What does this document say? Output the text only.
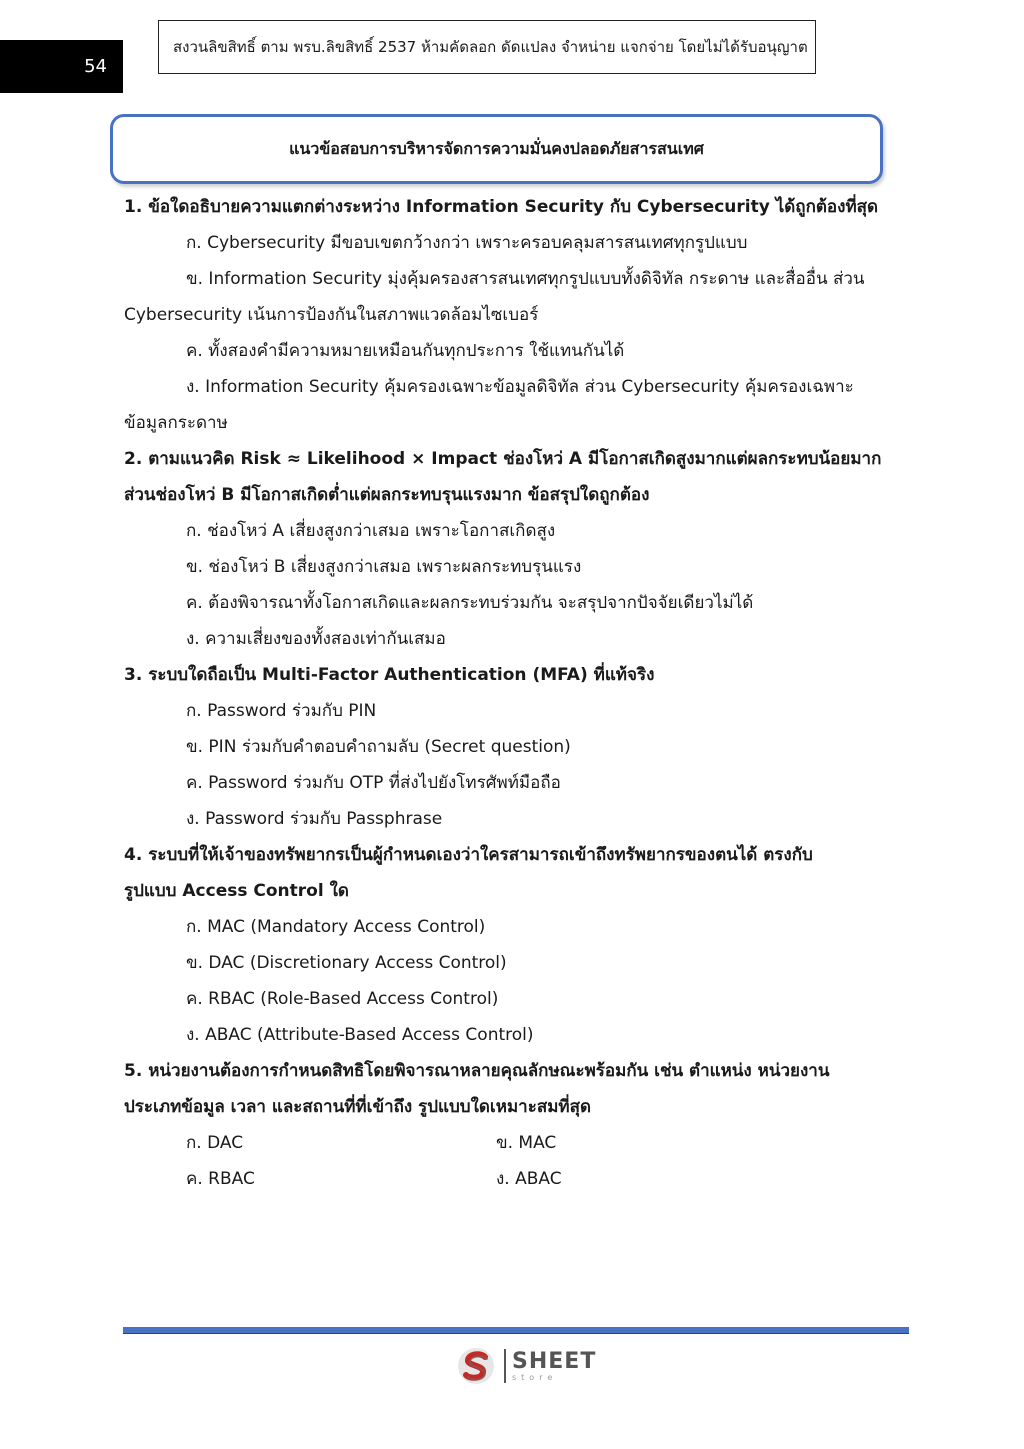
54
สงวนลิขสิทธิ์ ตาม พรบ.ลิขสิทธิ์ 2537 ห้ามคัดลอก ดัดแปลง จำหน่าย แจกจ่าย โดยไม่ได้รับอนุญาต
แนวข้อสอบการบริหารจัดการความมั่นคงปลอดภัยสารสนเทศ
1. ข้อใดอธิบายความแตกต่างระหว่าง Information Security กับ Cybersecurity ได้ถูกต้องที่สุด
ก. Cybersecurity มีขอบเขตกว้างกว่า เพราะครอบคลุมสารสนเทศทุกรูปแบบ
ข. Information Security มุ่งคุ้มครองสารสนเทศทุกรูปแบบทั้งดิจิทัล กระดาษ และสื่ออื่น ส่วน
Cybersecurity เน้นการป้องกันในสภาพแวดล้อมไซเบอร์
ค. ทั้งสองคำมีความหมายเหมือนกันทุกประการ ใช้แทนกันได้
ง. Information Security คุ้มครองเฉพาะข้อมูลดิจิทัล ส่วน Cybersecurity คุ้มครองเฉพาะ
ข้อมูลกระดาษ
2. ตามแนวคิด Risk ≈ Likelihood × Impact ช่องโหว่ A มีโอกาสเกิดสูงมากแต่ผลกระทบน้อยมาก
ส่วนช่องโหว่ B มีโอกาสเกิดต่ำแต่ผลกระทบรุนแรงมาก ข้อสรุปใดถูกต้อง
ก. ช่องโหว่ A เสี่ยงสูงกว่าเสมอ เพราะโอกาสเกิดสูง
ข. ช่องโหว่ B เสี่ยงสูงกว่าเสมอ เพราะผลกระทบรุนแรง
ค. ต้องพิจารณาทั้งโอกาสเกิดและผลกระทบร่วมกัน จะสรุปจากปัจจัยเดียวไม่ได้
ง. ความเสี่ยงของทั้งสองเท่ากันเสมอ
3. ระบบใดถือเป็น Multi-Factor Authentication (MFA) ที่แท้จริง
ก. Password ร่วมกับ PIN
ข. PIN ร่วมกับคำตอบคำถามลับ (Secret question)
ค. Password ร่วมกับ OTP ที่ส่งไปยังโทรศัพท์มือถือ
ง. Password ร่วมกับ Passphrase
4. ระบบที่ให้เจ้าของทรัพยากรเป็นผู้กำหนดเองว่าใครสามารถเข้าถึงทรัพยากรของตนได้ ตรงกับ
รูปแบบ Access Control ใด
ก. MAC (Mandatory Access Control)
ข. DAC (Discretionary Access Control)
ค. RBAC (Role-Based Access Control)
ง. ABAC (Attribute-Based Access Control)
5. หน่วยงานต้องการกำหนดสิทธิโดยพิจารณาหลายคุณลักษณะพร้อมกัน เช่น ตำแหน่ง หน่วยงาน
ประเภทข้อมูล เวลา และสถานที่ที่เข้าถึง รูปแบบใดเหมาะสมที่สุด
ก. DAC	ข. MAC
ค. RBAC	ง. ABAC
SHEET
store
